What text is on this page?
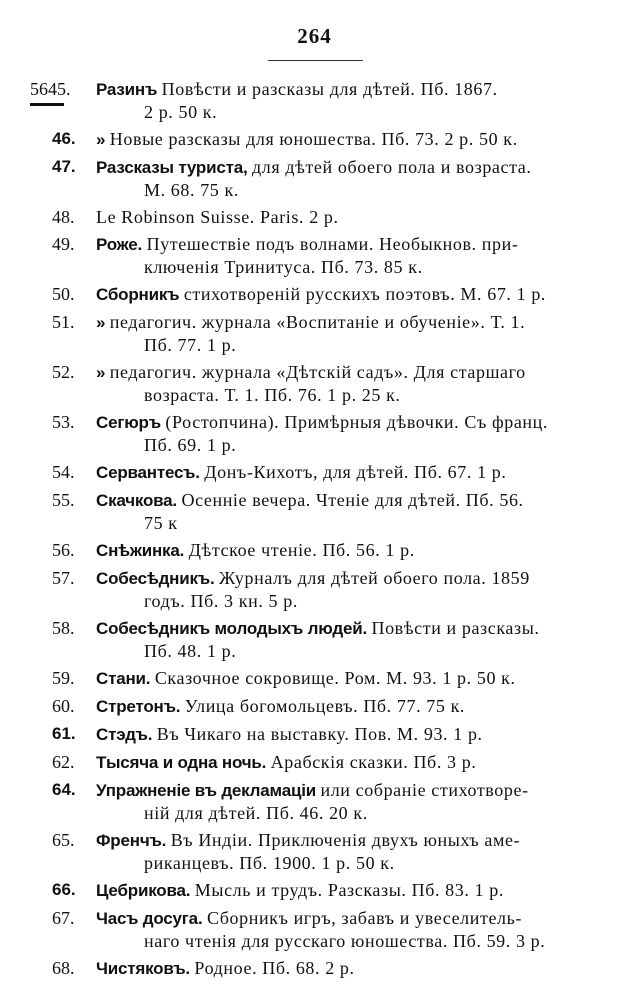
264
5645.	Разинъ Повѣсти и разсказы для дѣтей. Пб. 1867.
2 р. 50 к.
46.	» Новые разсказы для юношества. Пб. 73. 2 р. 50 к.
47.	Разсказы туриста, для дѣтей обоего пола и возраста.
М. 68. 75 к.
48.	Le Robinson Suisse. Paris. 2 р.
49.	Роже. Путешествіе подъ волнами. Необыкнов. при-
ключенія Тринитуса. Пб. 73. 85 к.
50.	Сборникъ стихотвореній русскихъ поэтовъ. М. 67. 1 р.
51.	» педагогич. журнала «Воспитаніе и обученіе». Т. 1.
Пб. 77. 1 р.
52.	» педагогич. журнала «Дѣтскій садъ». Для старшаго
возраста. Т. 1. Пб. 76. 1 р. 25 к.
53.	Сегюръ (Ростопчина). Примѣрныя дѣвочки. Съ франц.
Пб. 69. 1 р.
54.	Сервантесъ. Донъ-Кихотъ, для дѣтей. Пб. 67. 1 р.
55.	Скачкова. Осенніе вечера. Чтеніе для дѣтей. Пб. 56.
75 к
56.	Снѣжинка. Дѣтское чтеніе. Пб. 56. 1 р.
57.	Собесѣдникъ. Журналъ для дѣтей обоего пола. 1859
годъ. Пб. 3 кн. 5 р.
58.	Собесѣдникъ молодыхъ людей. Повѣсти и разсказы.
Пб. 48. 1 р.
59.	Стани. Сказочное сокровище. Ром. М. 93. 1 р. 50 к.
60.	Стретонъ. Улица богомольцевъ. Пб. 77. 75 к.
61.	Стэдъ. Въ Чикаго на выставку. Пов. М. 93. 1 р.
62.	Тысяча и одна ночь. Арабскія сказки. Пб. 3 р.
64.	Упражненіе въ декламаціи или собраніе стихотворе-
ній для дѣтей. Пб. 46. 20 к.
65.	Френчъ. Въ Индіи. Приключенія двухъ юныхъ аме-
риканцевъ. Пб. 1900. 1 р. 50 к.
66.	Цебрикова. Мысль и трудъ. Разсказы. Пб. 83. 1 р.
67.	Часъ досуга. Сборникъ игръ, забавъ и увеселитель-
наго чтенія для русскаго юношества. Пб. 59. 3 р.
68.	Чистяковъ. Родное. Пб. 68. 2 р.
